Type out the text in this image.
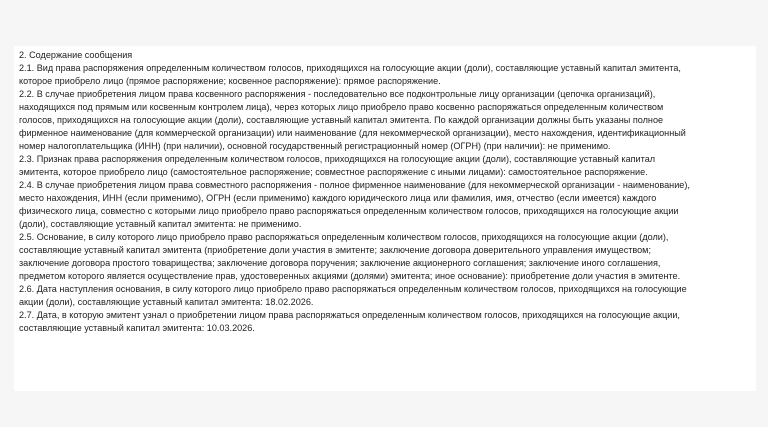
2. Содержание сообщения
2.1. Вид права распоряжения определенным количеством голосов, приходящихся на голосующие акции (доли), составляющие уставный капитал эмитента,
которое приобрело лицо (прямое распоряжение; косвенное распоряжение): прямое распоряжение.
2.2. В случае приобретения лицом права косвенного распоряжения - последовательно все подконтрольные лицу организации (цепочка организаций),
находящихся под прямым или косвенным контролем лица), через которых лицо приобрело право косвенно распоряжаться определенным количеством
голосов, приходящихся на голосующие акции (доли), составляющие уставный капитал эмитента. По каждой организации должны быть указаны полное
фирменное наименование (для коммерческой организации) или наименование (для некоммерческой организации), место нахождения, идентификационный
номер налогоплательщика (ИНН) (при наличии), основной государственный регистрационный номер (ОГРН) (при наличии): не применимо.
2.3. Признак права распоряжения определенным количеством голосов, приходящихся на голосующие акции (доли), составляющие уставный капитал
эмитента, которое приобрело лицо (самостоятельное распоряжение; совместное распоряжение с иными лицами): самостоятельное распоряжение.
2.4. В случае приобретения лицом права совместного распоряжения - полное фирменное наименование (для некоммерческой организации - наименование),
место нахождения, ИНН (если применимо), ОГРН (если применимо) каждого юридического лица или фамилия, имя, отчество (если имеется) каждого
физического лица, совместно с которыми лицо приобрело право распоряжаться определенным количеством голосов, приходящихся на голосующие акции
(доли), составляющие уставный капитал эмитента: не применимо.
2.5. Основание, в силу которого лицо приобрело право распоряжаться определенным количеством голосов, приходящихся на голосующие акции (доли),
составляющие уставный капитал эмитента (приобретение доли участия в эмитенте; заключение договора доверительного управления имуществом;
заключение договора простого товарищества; заключение договора поручения; заключение акционерного соглашения; заключение иного соглашения,
предметом которого является осуществление прав, удостоверенных акциями (долями) эмитента; иное основание): приобретение доли участия в эмитенте.
2.6. Дата наступления основания, в силу которого лицо приобрело право распоряжаться определенным количеством голосов, приходящихся на голосующие
акции (доли), составляющие уставный капитал эмитента: 18.02.2026.
2.7. Дата, в которую эмитент узнал о приобретении лицом права распоряжаться определенным количеством голосов, приходящихся на голосующие акции,
составляющие уставный капитал эмитента: 10.03.2026.
